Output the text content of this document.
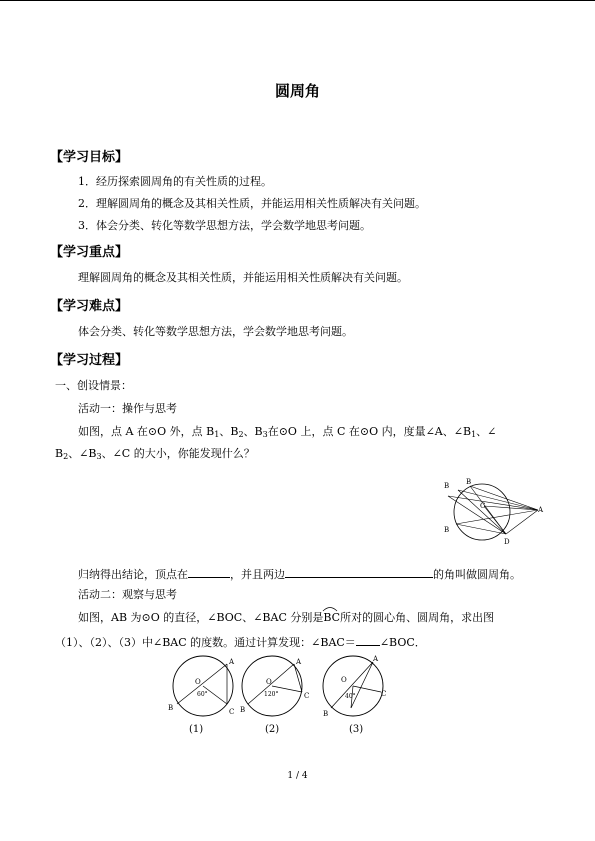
圆周角
【学习目标】
1．经历探索圆周角的有关性质的过程。
2．理解圆周角的概念及其相关性质，并能运用相关性质解决有关问题。
3．体会分类、转化等数学思想方法，学会数学地思考问题。
【学习重点】
理解圆周角的概念及其相关性质，并能运用相关性质解决有关问题。
【学习难点】
体会分类、转化等数学思想方法，学会数学地思考问题。
【学习过程】
一、创设情景：
活动一：操作与思考
如图，点 A 在⊙O 外，点 $B_1$、$B_2$、$B_3$在⊙O 上，点 C 在⊙O 内，度量∠A、$\angle B_1$、∠
$B_2$、$\angle B_3$、∠C 的大小，你能发现什么？
B B
B
C	A
D
归纳得出结论，顶点在	，并且两边	的角叫做圆周角。
活动二：观察与思考
如图，AB 为⊙O 的直径，∠BOC、∠BAC 分别是
BC所对的圆心角、圆周角，求出图
（1）、（2）、（3）中∠BAC 的度数。通过计算发现：∠BAC＝ ∠BOC．
A
B	C
O
60°
(1)
A
B
C
O
120°
(2)
A
B
C
O
40°
(3)
1 / 4
